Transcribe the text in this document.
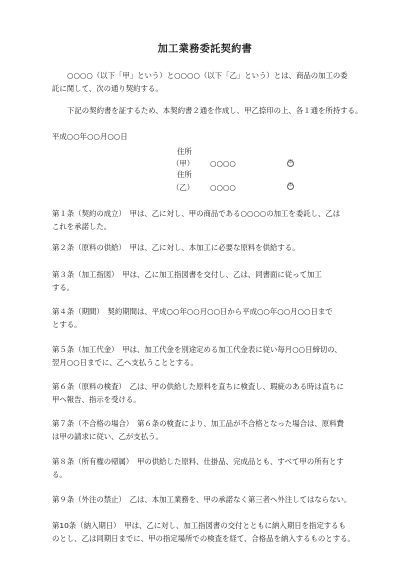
加工業務委託契約書
○○○○（以下「甲」という）と○○○○（以下「乙」という）とは、商品の加工の委
託に関して、次の通り契約する。
下記の契約書を証するため、本契約書２通を作成し、甲乙捺印の上、各１通を所持する。
平成○○年○○月○○日
住所
（甲） ○○○○	印
住所
（乙） ○○○○	印
第１条（契約の成立）　甲は、乙に対し、甲の商品である○○○○の加工を委託し、乙は
これを承諾した。
第２条（原料の供給）　甲は、乙に対し、本加工に必要な原料を供給する。
第３条（加工指図）　甲は、乙に加工指図書を交付し、乙は、同書面に従って加工
する。
第４条（期間）　契約期間は、平成○○年○○月○○日から平成○○年○○月○○日まで
とする。
第５条（加工代金）　甲は、加工代金を別途定める加工代金表に従い毎月○○日締切の、
翌月○○日までに、乙へ支払うこととする。
第６条（原料の検査）　乙は、甲の供給した原料を直ちに検査し、瑕疵のある時は直ちに
甲へ報告、指示を受ける。
第７条（不合格の場合）　第６条の検査により、加工品が不合格となった場合は、原料費
は甲の請求に従い、乙が支払う。
第８条（所有権の帰属）　甲の供給した原料、仕掛品、完成品とも、すべて甲の所有とす
る。
第９条（外注の禁止）　乙は、本加工業務を、甲の承諾なく第三者へ外注してはならない。
第10条（納入期日）　甲は、乙に対し、加工指図書の交付とともに納入期日を指定するも
のとし、乙は同期日までに、甲の指定場所での検査を経て、合格品を納入するものとする。
